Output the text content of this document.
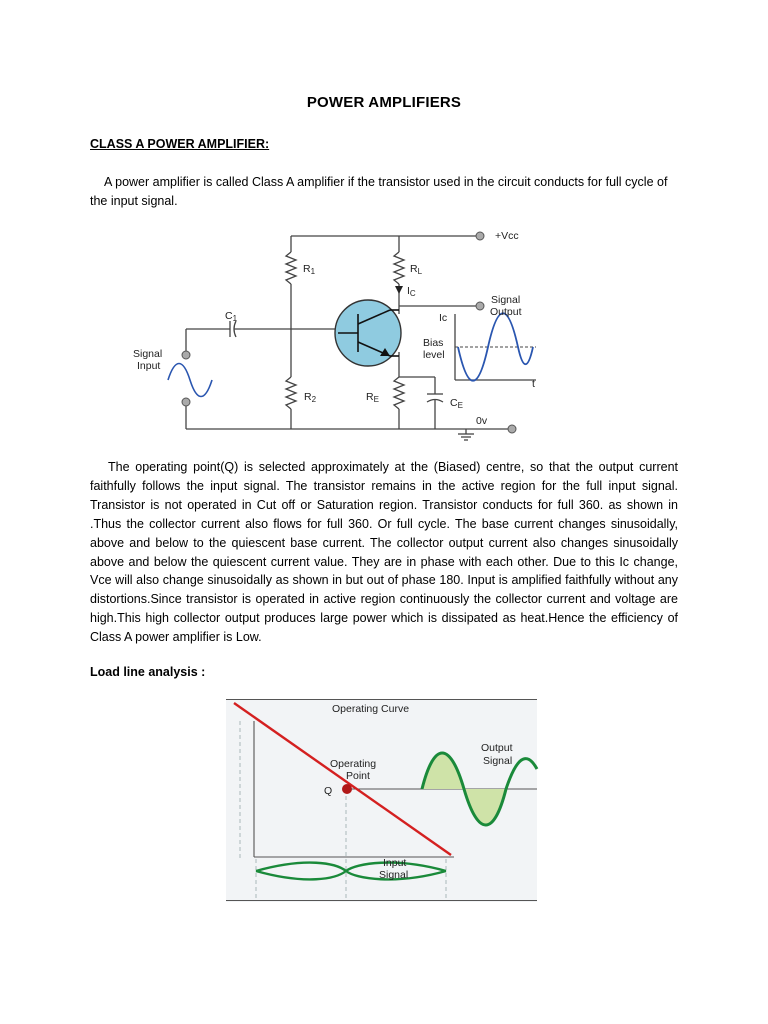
POWER AMPLIFIERS
CLASS A POWER AMPLIFIER:
A power amplifier is called Class A amplifier if the transistor used in the circuit conducts for full cycle of the input signal.
+Vcc
R1	RL
IC
C1
Signal
Input
Signal
Output
Ic
Bias
level
t
R2	RE	CE
0v
The operating point(Q) is selected approximately at the (Biased) centre, so that the output current faithfully follows the input signal. The transistor remains in the active region for the full input signal. Transistor is not operated in Cut off or Saturation region. Transistor conducts for full 360. as shown in .Thus the collector current also flows for full 360. Or full cycle. The base current changes sinusoidally, above and below to the quiescent base current. The collector output current also changes sinusoidally above and below the quiescent current value. They are in phase with each other. Due to this Ic change, Vce will also change sinusoidally as shown in but out of phase 180. Input is amplified faithfully without any distortions.Since transistor is operated in active region continuously the collector current and voltage are high.This high collector output produces large power which is dissipated as heat.Hence the efficiency of Class A power amplifier is Low.
Load line analysis :
Operating Curve
Operating
Point
Q
Output
Signal
Input
Signal
